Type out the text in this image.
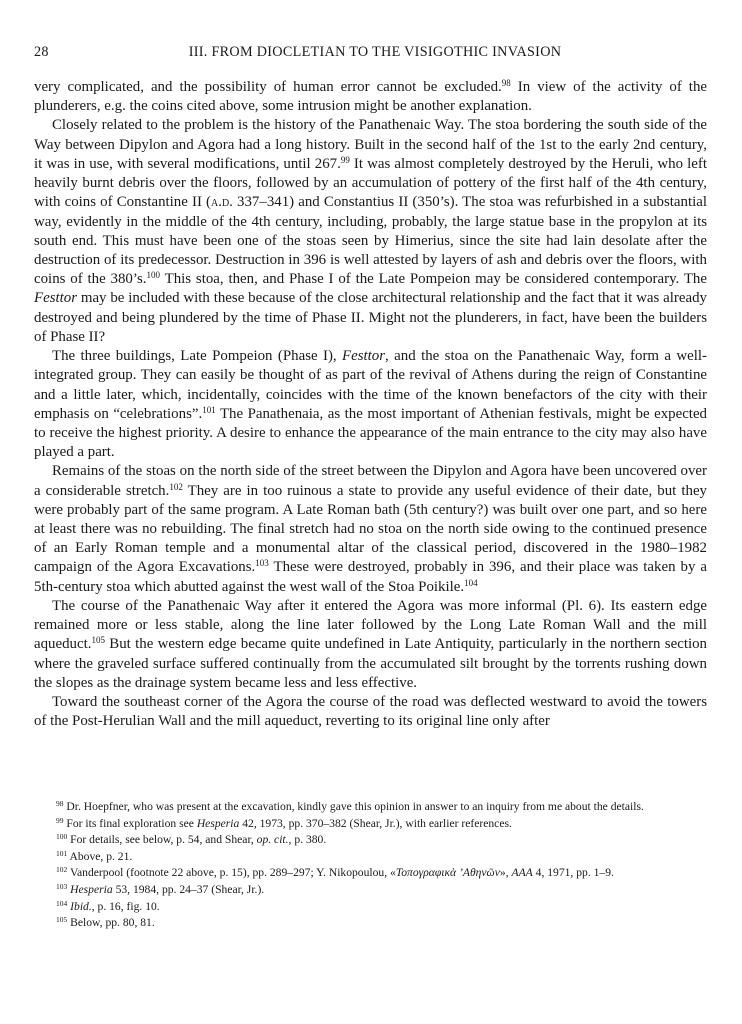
28	III. FROM DIOCLETIAN TO THE VISIGOTHIC INVASION

very complicated, and the possibility of human error cannot be excluded.$^{98}$ In view of the activity of the plunderers, e.g. the coins cited above, some intrusion might be another explanation.

Closely related to the problem is the history of the Panathenaic Way. The stoa bordering the south side of the Way between Dipylon and Agora had a long history. Built in the second half of the 1st to the early 2nd century, it was in use, with several modifications, until 267.99 It was almost completely destroyed by the Heruli, who left heavily burnt debris over the floors, followed by an accumulation of pottery of the first half of the 4th century, with coins of Constantine II (a.d. 337–341) and Constantius II (350’s). The stoa was refurbished in a substantial way, evidently in the middle of the 4th century, including, probably, the large statue base in the propylon at its south end. This must have been one of the stoas seen by Himerius, since the site had lain desolate after the destruction of its predecessor. Destruction in 396 is well attested by layers of ash and debris over the floors, with coins of the 380’s.$^{100}$ This stoa, then, and Phase I of the Late Pompeion may be considered contemporary. The Festtor may be included with these because of the close architectural relationship and the fact that it was already destroyed and being plundered by the time of Phase II. Might not the plunderers, in fact, have been the builders of Phase II?

The three buildings, Late Pompeion (Phase I), Festtor, and the stoa on the Panathenaic Way, form a well-integrated group. They can easily be thought of as part of the revival of Athens during the reign of Constantine and a little later, which, incidentally, coincides with the time of the known benefactors of the city with their emphasis on “celebrations”.$^{101}$ The Panathenaia, as the most important of Athenian festivals, might be expected to receive the highest priority. A desire to enhance the appearance of the main entrance to the city may also have played a part.

Remains of the stoas on the north side of the street between the Dipylon and Agora have been uncovered over a considerable stretch.$^{102}$ They are in too ruinous a state to provide any useful evidence of their date, but they were probably part of the same program. A Late Roman bath (5th century?) was built over one part, and so here at least there was no rebuilding. The final stretch had no stoa on the north side owing to the continued presence of an Early Roman temple and a monumental altar of the classical period, discovered in the 1980–1982 campaign of the Agora Excavations.$^{103}$ These were destroyed, probably in 396, and their place was taken by a 5th-century stoa which abutted against the west wall of the Stoa Poikile.$^{104}$

The course of the Panathenaic Way after it entered the Agora was more informal (Pl. 6). Its eastern edge remained more or less stable, along the line later followed by the Long Late Roman Wall and the mill aqueduct.$^{105}$ But the western edge became quite undefined in Late Antiquity, particularly in the northern section where the graveled surface suffered continually from the accumulated silt brought by the torrents rushing down the slopes as the drainage system became less and less effective.

Toward the southeast corner of the Agora the course of the road was deflected westward to avoid the towers of the Post-Herulian Wall and the mill aqueduct, reverting to its original line only after

$^{98}$ Dr. Hoepfner, who was present at the excavation, kindly gave this opinion in answer to an inquiry from me about the details.

$^{99}$ For its final exploration see Hesperia 42, 1973, pp. 370–382 (Shear, Jr.), with earlier references.

$^{100}$ For details, see below, p. 54, and Shear, op. cit., p. 380.

$^{101}$ Above, p. 21.

$^{102}$ Vanderpool (footnote 22 above, p. 15), pp. 289–297; Y. Nikopoulou, «Τοπογραφικὰ ’Αθηνῶν», AAA 4, 1971, pp. 1–9.

$^{103}$ Hesperia 53, 1984, pp. 24–37 (Shear, Jr.).

$^{104}$ Ibid., p. 16, fig. 10.

$^{105}$ Below, pp. 80, 81.
